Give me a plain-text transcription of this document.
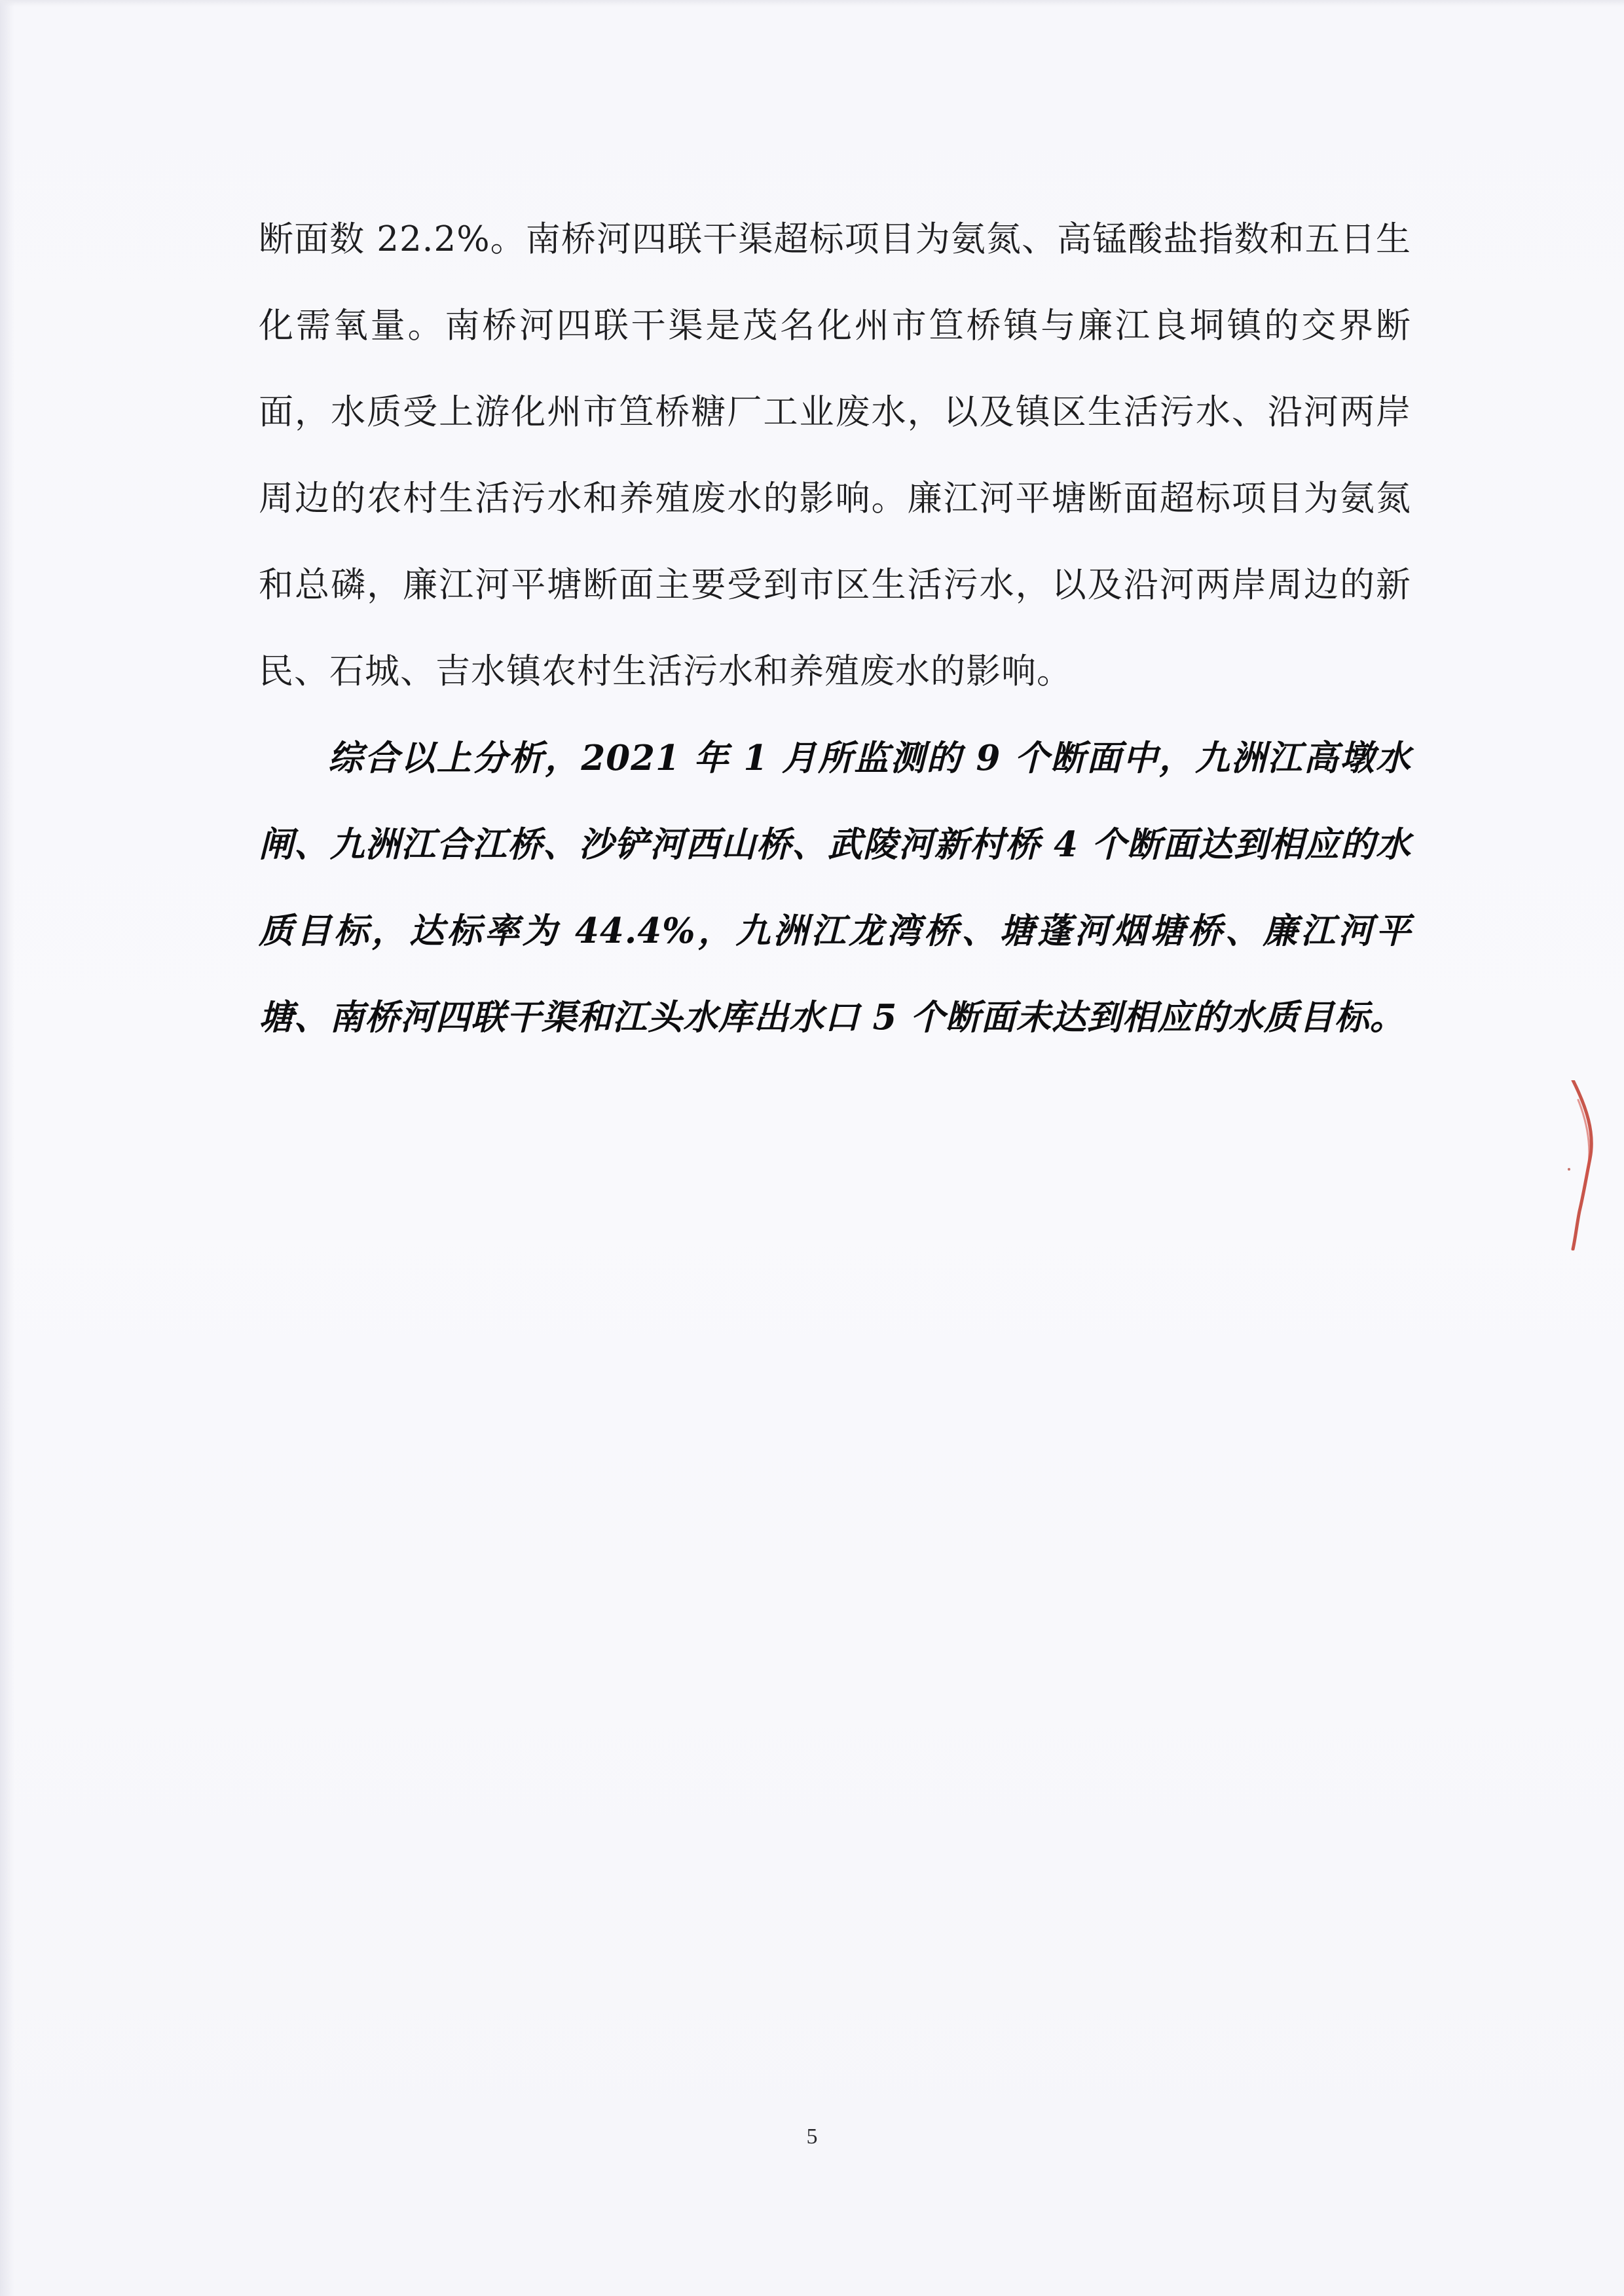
断面数 22.2%。南桥河四联干渠超标项目为氨氮、高锰酸盐指数和五日生化需氧量。南桥河四联干渠是茂名化州市笪桥镇与廉江良垌镇的交界断面，水质受上游化州市笪桥糖厂工业废水，以及镇区生活污水、沿河两岸周边的农村生活污水和养殖废水的影响。廉江河平塘断面超标项目为氨氮和总磷，廉江河平塘断面主要受到市区生活污水，以及沿河两岸周边的新民、石城、吉水镇农村生活污水和养殖废水的影响。

综合以上分析，2021 年 1 月所监测的 9 个断面中，九洲江高墩水闸、九洲江合江桥、沙铲河西山桥、武陵河新村桥 4 个断面达到相应的水质目标，达标率为 44.4%，九洲江龙湾桥、塘蓬河烟塘桥、廉江河平塘、南桥河四联干渠和江头水库出水口 5 个断面未达到相应的水质目标。

5
